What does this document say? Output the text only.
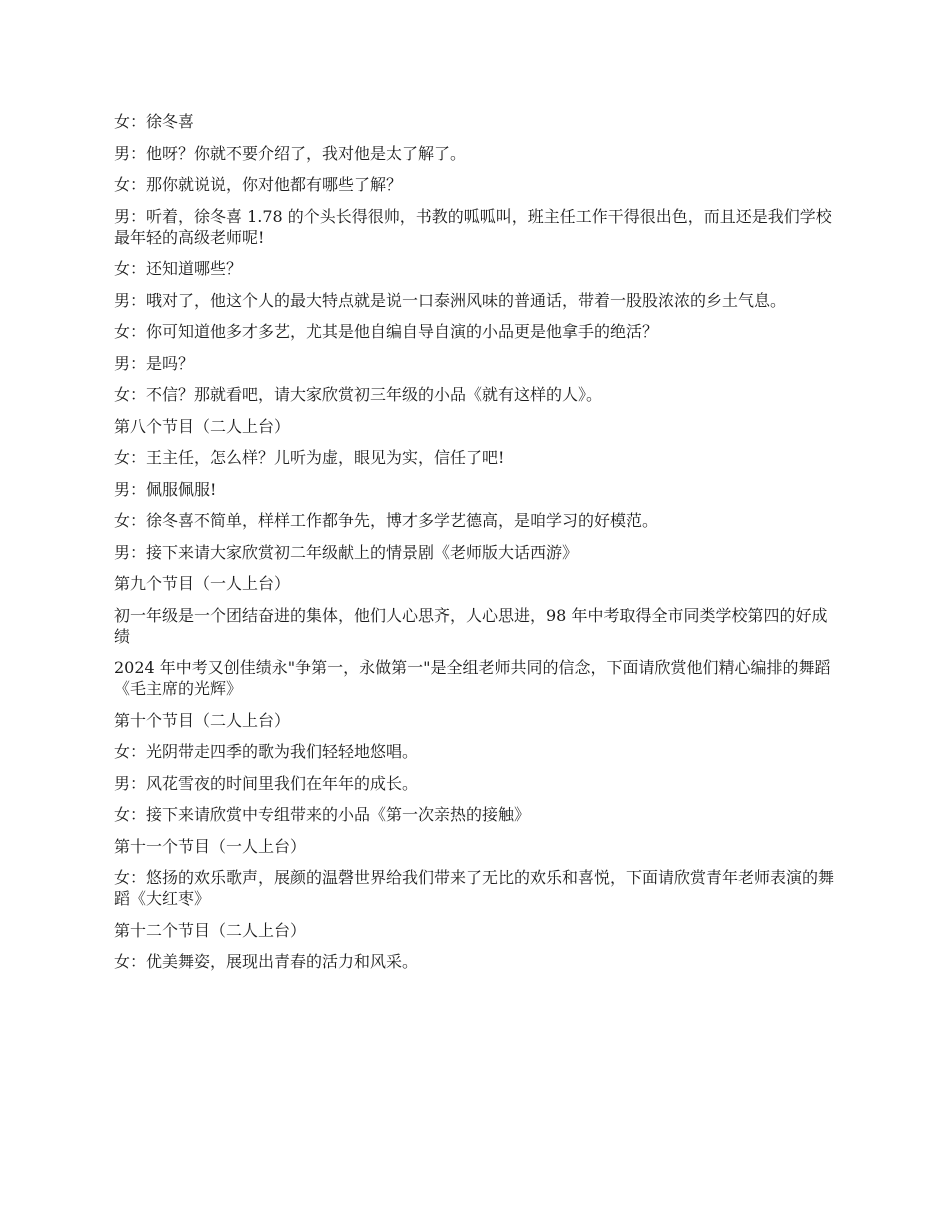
女：徐冬喜

男：他呀？你就不要介绍了，我对他是太了解了。

女：那你就说说，你对他都有哪些了解？

男：听着，徐冬喜 1.78 的个头长得很帅，书教的呱呱叫，班主任工作干得很出色，而且还是我们学校最年轻的高级老师呢!

女：还知道哪些？

男：哦对了，他这个人的最大特点就是说一口泰洲风味的普通话，带着一股股浓浓的乡土气息。

女：你可知道他多才多艺，尤其是他自编自导自演的小品更是他拿手的绝活？

男：是吗？

女：不信？那就看吧，请大家欣赏初三年级的小品《就有这样的人》。

第八个节目（二人上台）

女：王主任，怎么样？儿听为虚，眼见为实，信任了吧!

男：佩服佩服!

女：徐冬喜不简单，样样工作都争先，博才多学艺德高，是咱学习的好模范。

男：接下来请大家欣赏初二年级献上的情景剧《老师版大话西游》

第九个节目（一人上台）

初一年级是一个团结奋进的集体，他们人心思齐，人心思进，98 年中考取得全市同类学校第四的好成绩

2024 年中考又创佳绩永"争第一，永做第一"是全组老师共同的信念，下面请欣赏他们精心编排的舞蹈《毛主席的光辉》

第十个节目（二人上台）

女：光阴带走四季的歌为我们轻轻地悠唱。

男：风花雪夜的时间里我们在年年的成长。

女：接下来请欣赏中专组带来的小品《第一次亲热的接触》

第十一个节目（一人上台）

女：悠扬的欢乐歌声，展颜的温磬世界给我们带来了无比的欢乐和喜悦，下面请欣赏青年老师表演的舞蹈《大红枣》

第十二个节目（二人上台）

女：优美舞姿，展现出青春的活力和风采。
